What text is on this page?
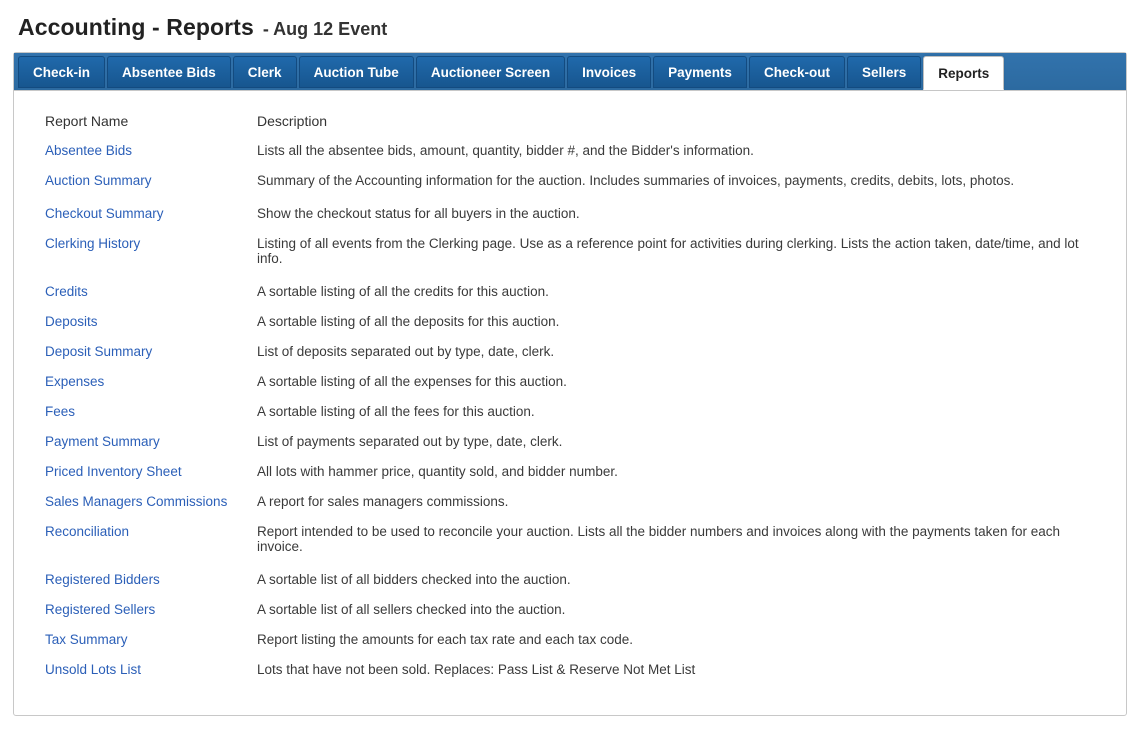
Accounting - Reports - Aug 12 Event
Check-in	Absentee Bids	Clerk	Auction Tube	Auctioneer Screen	Invoices	Payments	Check-out	Sellers	Reports
Report Name	Description
Absentee Bids	Lists all the absentee bids, amount, quantity, bidder #, and the Bidder's information.
Auction Summary	Summary of the Accounting information for the auction. Includes summaries of invoices, payments, credits, debits, lots, photos.
Checkout Summary	Show the checkout status for all buyers in the auction.
Clerking History	Listing of all events from the Clerking page. Use as a reference point for activities during clerking. Lists the action taken, date/time, and lot info.
Credits	A sortable listing of all the credits for this auction.
Deposits	A sortable listing of all the deposits for this auction.
Deposit Summary	List of deposits separated out by type, date, clerk.
Expenses	A sortable listing of all the expenses for this auction.
Fees	A sortable listing of all the fees for this auction.
Payment Summary	List of payments separated out by type, date, clerk.
Priced Inventory Sheet	All lots with hammer price, quantity sold, and bidder number.
Sales Managers Commissions	A report for sales managers commissions.
Reconciliation	Report intended to be used to reconcile your auction. Lists all the bidder numbers and invoices along with the payments taken for each invoice.
Registered Bidders	A sortable list of all bidders checked into the auction.
Registered Sellers	A sortable list of all sellers checked into the auction.
Tax Summary	Report listing the amounts for each tax rate and each tax code.
Unsold Lots List	Lots that have not been sold. Replaces: Pass List & Reserve Not Met List
